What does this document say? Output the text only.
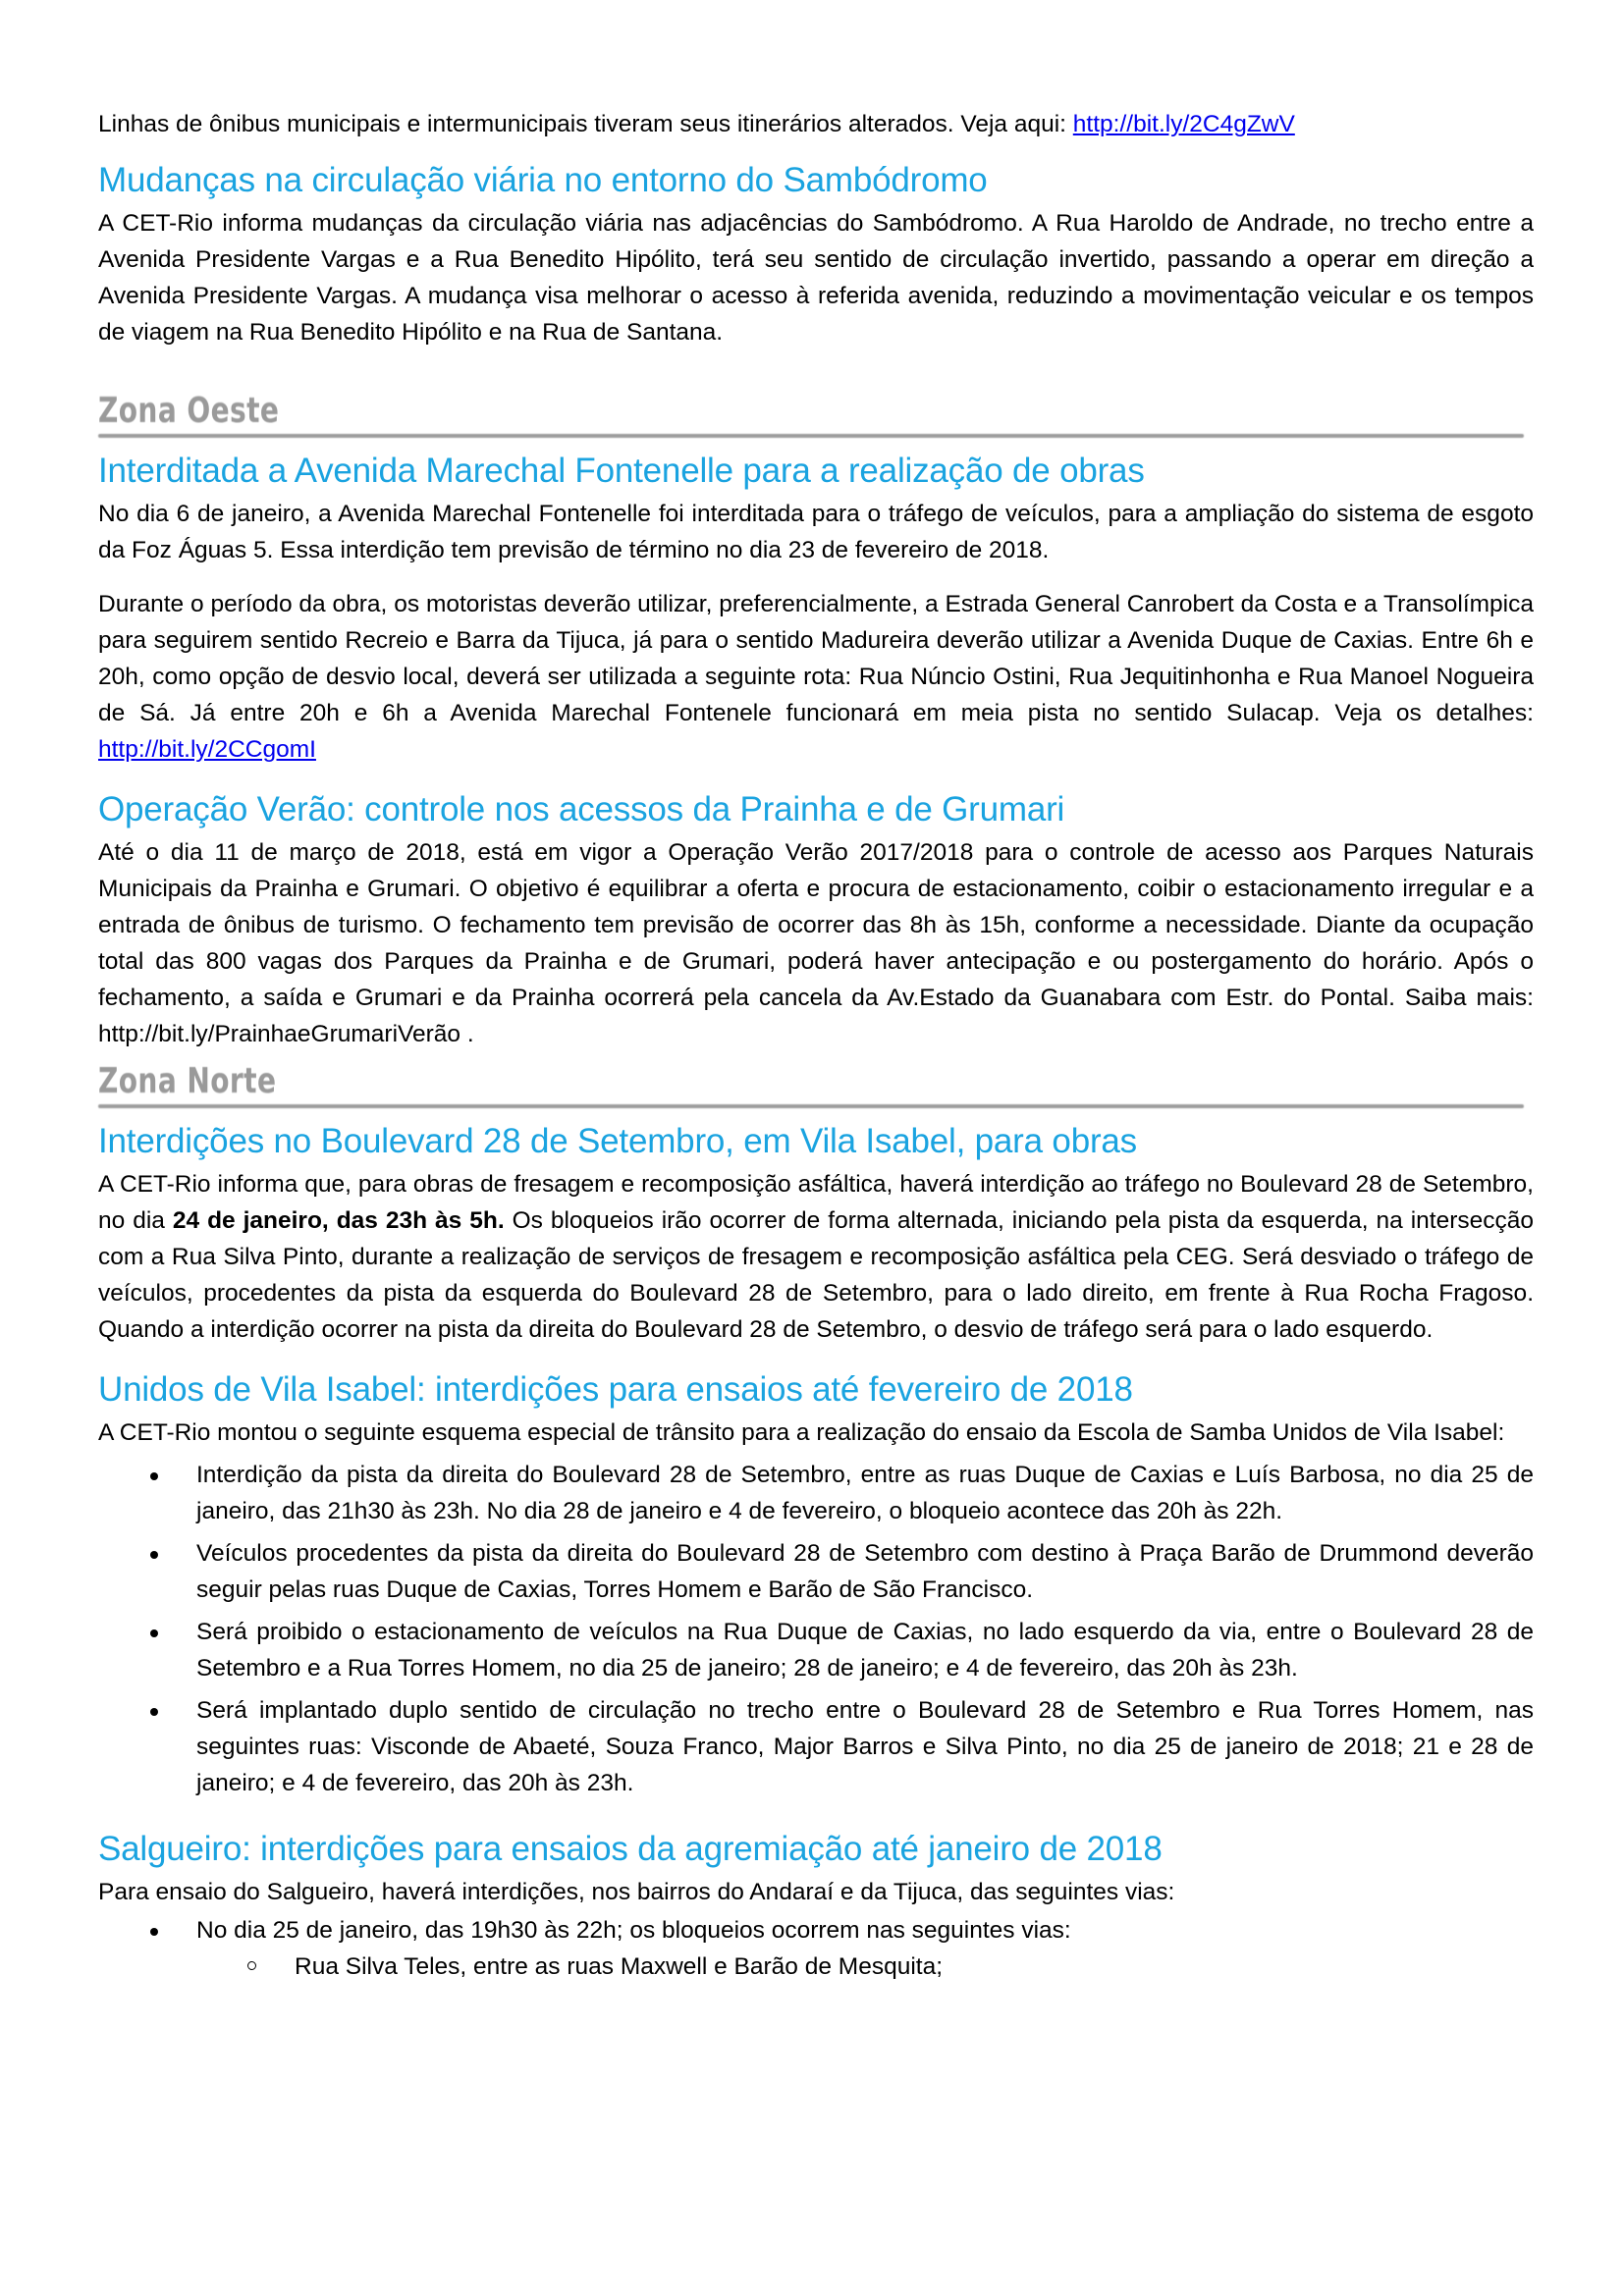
Linhas de ônibus municipais e intermunicipais tiveram seus itinerários alterados. Veja aqui: http://bit.ly/2C4gZwV

Mudanças na circulação viária no entorno do Sambódromo

A CET-Rio informa mudanças da circulação viária nas adjacências do Sambódromo. A Rua Haroldo de Andrade, no trecho entre a Avenida Presidente Vargas e a Rua Benedito Hipólito, terá seu sentido de circulação invertido, passando a operar em direção a Avenida Presidente Vargas. A mudança visa melhorar o acesso à referida avenida, reduzindo a movimentação veicular e os tempos de viagem na Rua Benedito Hipólito e na Rua de Santana.

Zona Oeste
Interditada a Avenida Marechal Fontenelle para a realização de obras

No dia 6 de janeiro, a Avenida Marechal Fontenelle foi interditada para o tráfego de veículos, para a ampliação do sistema de esgoto da Foz Águas 5. Essa interdição tem previsão de término no dia 23 de fevereiro de 2018.

Durante o período da obra, os motoristas deverão utilizar, preferencialmente, a Estrada General Canrobert da Costa e a Transolímpica para seguirem sentido Recreio e Barra da Tijuca, já para o sentido Madureira deverão utilizar a Avenida Duque de Caxias. Entre 6h e 20h, como opção de desvio local, deverá ser utilizada a seguinte rota: Rua Núncio Ostini, Rua Jequitinhonha e Rua Manoel Nogueira de Sá. Já entre 20h e 6h a Avenida Marechal Fontenele funcionará em meia pista no sentido Sulacap. Veja os detalhes: http://bit.ly/2CCgomI

Operação Verão: controle nos acessos da Prainha e de Grumari

Até o dia 11 de março de 2018, está em vigor a Operação Verão 2017/2018 para o controle de acesso aos Parques Naturais Municipais da Prainha e Grumari. O objetivo é equilibrar a oferta e procura de estacionamento, coibir o estacionamento irregular e a entrada de ônibus de turismo. O fechamento tem previsão de ocorrer das 8h às 15h, conforme a necessidade. Diante da ocupação total das 800 vagas dos Parques da Prainha e de Grumari, poderá haver antecipação e ou postergamento do horário. Após o fechamento, a saída e Grumari e da Prainha ocorrerá pela cancela da Av.Estado da Guanabara com Estr. do Pontal. Saiba mais: http://bit.ly/PrainhaeGrumariVerão .

Zona Norte
Interdições no Boulevard 28 de Setembro, em Vila Isabel, para obras

A CET-Rio informa que, para obras de fresagem e recomposição asfáltica, haverá interdição ao tráfego no Boulevard 28 de Setembro, no dia 24 de janeiro, das 23h às 5h. Os bloqueios irão ocorrer de forma alternada, iniciando pela pista da esquerda, na intersecção com a Rua Silva Pinto, durante a realização de serviços de fresagem e recomposição asfáltica pela CEG. Será desviado o tráfego de veículos, procedentes da pista da esquerda do Boulevard 28 de Setembro, para o lado direito, em frente à Rua Rocha Fragoso. Quando a interdição ocorrer na pista da direita do Boulevard 28 de Setembro, o desvio de tráfego será para o lado esquerdo.

Unidos de Vila Isabel: interdições para ensaios até fevereiro de 2018

A CET-Rio montou o seguinte esquema especial de trânsito para a realização do ensaio da Escola de Samba Unidos de Vila Isabel:

Interdição da pista da direita do Boulevard 28 de Setembro, entre as ruas Duque de Caxias e Luís Barbosa, no dia 25 de janeiro, das 21h30 às 23h. No dia 28 de janeiro e 4 de fevereiro, o bloqueio acontece das 20h às 22h.
Veículos procedentes da pista da direita do Boulevard 28 de Setembro com destino à Praça Barão de Drummond deverão seguir pelas ruas Duque de Caxias, Torres Homem e Barão de São Francisco.
Será proibido o estacionamento de veículos na Rua Duque de Caxias, no lado esquerdo da via, entre o Boulevard 28 de Setembro e a Rua Torres Homem, no dia 25 de janeiro; 28 de janeiro; e 4 de fevereiro, das 20h às 23h.
Será implantado duplo sentido de circulação no trecho entre o Boulevard 28 de Setembro e Rua Torres Homem, nas seguintes ruas: Visconde de Abaeté, Souza Franco, Major Barros e Silva Pinto, no dia 25 de janeiro de 2018; 21 e 28 de janeiro; e 4 de fevereiro, das 20h às 23h.
Salgueiro: interdições para ensaios da agremiação até janeiro de 2018

Para ensaio do Salgueiro, haverá interdições, nos bairros do Andaraí e da Tijuca, das seguintes vias:

No dia 25 de janeiro, das 19h30 às 22h; os bloqueios ocorrem nas seguintes vias:
Rua Silva Teles, entre as ruas Maxwell e Barão de Mesquita;
